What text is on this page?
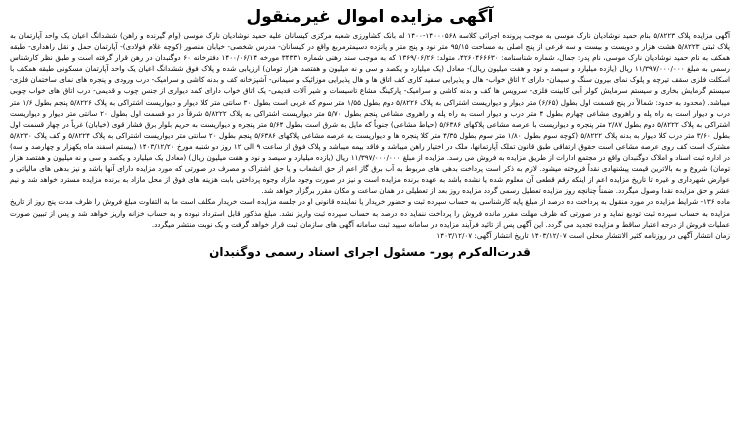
آگهی مزایده اموال غیرمنقول

آگهی مزایده پلاک ۵/۸۲۲۳ بنام حمید نوشادیان نارک موسی به موجب پرونده اجرائی کلاسه ۱۴۰۰۰۵۶۸-۱۴۰۰ له بانک کشاورزی شعبه مرکزی کیسانان علیه حمید نوشادیان نارک موسی (وام گیرنده و راهن) ششدانگ اعیان یک واحد آپارتمان به پلاک ثبتی ۵/۸۲۲۳ هشت هزار و دویست و بیست و سه فرعی از پنج اصلی به مساحت ۹۵/۱۵ متر نود و پنج متر و پانزده دسیمترمربع واقع در کیسانان- مدرس شخصی- خیابان منصور (کوچه غلام فولادی)- آپارتمان حمل و نقل راهداری- طبقه همکف به نام حمید نوشادیان نارک موسی، نام پدر: جمال، شماره شناسنامه: ۴۲۶۰۴۶۶۶۳۰، متولد: ۱۳۶۹/۰۶/۲۶ که به موجب سند رهنی شماره ۳۴۳۳۱ مورخه ۱۴۰۰/۰۶/۱۴ دفترخانه ۶۰ دوگنبدان در رهن قرار گرفته است و طبق نظر کارشناس رسمی به مبلغ ۱۱/۳۹۷/۰۰۰/۰۰۰ ریال (یازده میلیارد و سیصد و نود و هفت میلیون ریال)- معادل (یک میلیارد و یکصد و سی و نه میلیون و هفتصد هزار تومان) ارزیابی شده و پلاک فوق ششدانگ اعیان یک واحد آپارتمان مسکونی طبقه همکف با اسکلت فلزی سقف تیرچه و پلوک نمای بیرون سنگ و سیمان- دارای ۲ اتاق خواب- هال و پذیرایی سفید کاری کف اتاق ها و هال پذیرایی موزائیک و سیمانی- آشپزخانه کف و بدنه کاشی و سرامیک- درب ورودی و پنجره های نمای ساختمان فلزی- سیستم گرمایش بخاری و سیستم سرمایش کولر آبی کابینت فلزی- سرویس ها کف و بدنه کاشی و سرامیک- پارکینگ مشاع تاسیسات و شیر آلات قدیمی- یک اتاق خواب دارای کمد دیواری از جنس چوب و قدیمی- درب اتاق های خواب چوبی میباشد. (محدود به حدود: شمالاً در پنج قسمت اول بطول (۶/۶۵) متر دیوار و دیواریست اشتراکی به پلاک ۵/۸۲۲۶ دوم بطول ۱/۵۵ متر سوم که غربی است بطول ۳۰ سانتی متر کلا دیوار و دیواریست اشتراکی به پلاک ۵/۸۲۲۶ پنجم بطول ۱/۶ متر درب و دیوار است به راه پله و راهروی مشاعی چهارم بطول ۴ متر درب و دیوار است به راه پله و راهروی مشاعی پنجم بطول ۵/۷۰ متر دیواریست اشتراکی به پلاک ۵/۸۲۲۲ شرقاً در دو قسمت اول بطول ۲۰ سانتی متر دیوار و دیواریست اشتراکی به پلاک ۵/۸۲۲۲ دوم بطول ۲/۸۷ متر پنجره و دیواریست با عرصه مشاعی پلاکهای ۵/۶۳۸۶ (حیاط مشاعی) جنوباً که مایل به شرق است بطول ۵/۶۴ متر پنجره و دیواریست به حریم بلوار برق فشار قوی (خیابان) غرباً در چهار قسمت اول بطول ۳/۶۰ متر درب کلا دیوار به بدنه پلاک ۵/۸۲۲۲ (کوچه سوم بطول ۱/۸۰ متر سوم بطول ۴/۳۵ متر کلا پنجره ها و دیواریست به عرصه مشاعی پلاکهای ۵/۶۳۸۶ پنجم بطول ۲۰ سانتی متر دیواریست اشتراکی به پلاک ۵/۸۲۲۴ و کف پلاک ۵/۸۲۳۰ مشترک است کف روی عرصه مشاعی است حقوق ارتفاقی طبق قانون تملک آپارتمانها، ملک در اختیار راهن میباشد و فاقد بیمه میباشد و پلاک فوق از ساعت ۹ الی ۱۲ روز دو شنبه مورخ ۱۴۰۳/۱۲/۲۰ (بیستم اسفند ماه یکهزار و چهارصد و سه) در اداره ثبت اسناد و املاک دوگنبدان واقع در مجتمع ادارات از طریق مزایده به فروش می رسد. مزایده از مبلغ ۱۱/۳۹۷/۰۰۰/۰۰۰ ریال (یازده میلیارد و سیصد و نود و هفت میلیون ریال) (معادل یک میلیارد و یکصد و سی و نه میلیون و هفتصد هزار تومان) شروع و به بالاترین قیمت پیشنهادی نقداً فروخته میشود. لازم به ذکر است پرداخت بدهی های مربوط به آب برق گاز اعم از حق انشعاب و یا حق اشتراک و مصرف در صورتی که مورد مزایده دارای آنها باشد و نیز بدهی های مالیاتی و عوارض شهرداری و غیره تا تاریخ مزایده اعم از اینکه رقم قطعی آن معلوم شده یا نشده باشد به عهده برنده مزایده است و نیز در صورت وجود مازاد وجوه پرداختی بابت هزینه های فوق از محل مازاد به برنده مزایده مسترد خواهد شد و نیم عشر و حق مزایده نقدا وصول میگردد. ضمناً چنانچه روز مزایده تعطیل رسمی گردد مزایده روز بعد از تعطیلی در همان ساعت و مکان مقرر برگزار خواهد شد.

ماده ۱۳۶- شرایط مزایده در مورد منقول به پرداخت ده درصد از مبلغ پایه کارشناسی به حساب سپرده ثبت و حضور خریدار یا نماینده قانونی او در جلسه مزایده است خریدار مکلف است ما به التفاوت مبلغ فروش را ظرف مدت پنج روز از تاریخ مزایده به حساب سپرده ثبت تودیع نماید و در صورتی که ظرف مهلت مقرر مانده فروش را پرداخت ننماید ده درصد به حساب سپرده ثبت واریز نشد. مبلغ مذکور قابل استرداد نبوده و به حساب خزانه واریز خواهد شد و پس از تبیین صورت عملیات فروش از درجه اعتبار ساقط و مزایده تجدید می گردد. این آگهی پس از تائید فرآیند مزایده در سامانه سپید ثبت سامانه آگهی های سازمان ثبت قرار خواهد گرفت و یک نوبت منتشر میگردد.

زمان انتشار آگهی در روزنامه کثیر الانتشار محلی است ۱۴۰۳/۱۲/۰۷ تاریخ انتشار آگهی: ۱۴۰۳/۱۲/۰۷

قدرت‌اله‌کرم پور- مسئول اجرای اسناد رسمی دوگنبدان
